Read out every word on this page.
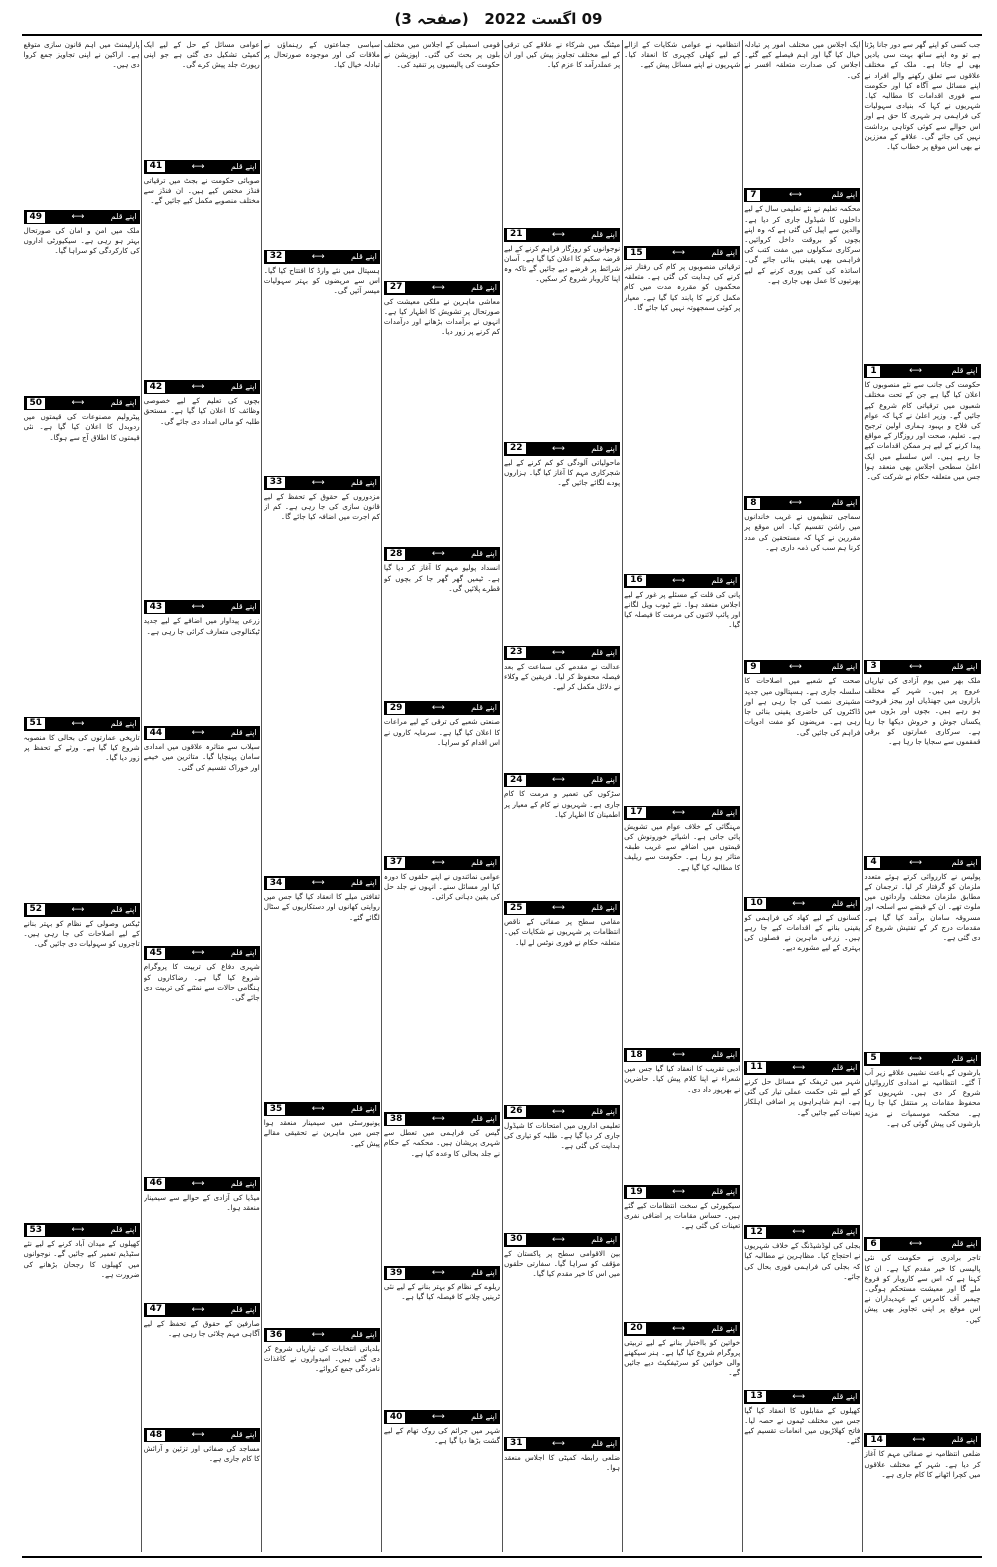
09 اگست 2022   (صفحہ 3)
جب کسی کو اپنے گھر سے دور جانا پڑتا ہے تو وہ اپنے ساتھ بہت سی یادیں بھی لے جاتا ہے۔ ملک کے مختلف علاقوں سے تعلق رکھنے والے افراد نے اپنے مسائل سے آگاہ کیا اور حکومت سے فوری اقدامات کا مطالبہ کیا۔ شہریوں نے کہا کہ بنیادی سہولیات کی فراہمی ہر شہری کا حق ہے اور اس حوالے سے کوئی کوتاہی برداشت نہیں کی جائے گی۔ علاقے کے معززین نے بھی اس موقع پر خطاب کیا۔
اپنے قلم
⟷
1
حکومت کی جانب سے نئے منصوبوں کا اعلان کیا گیا ہے جن کے تحت مختلف شعبوں میں ترقیاتی کام شروع کیے جائیں گے۔ وزیر اعلیٰ نے کہا کہ عوام کی فلاح و بہبود ہماری اولین ترجیح ہے۔ تعلیم، صحت اور روزگار کے مواقع پیدا کرنے کے لیے ہر ممکن اقدامات کیے جا رہے ہیں۔ اس سلسلے میں ایک اعلیٰ سطحی اجلاس بھی منعقد ہوا جس میں متعلقہ حکام نے شرکت کی۔
اپنے قلم
⟷
3
ملک بھر میں یوم آزادی کی تیاریاں عروج پر ہیں۔ شہر کے مختلف بازاروں میں جھنڈیاں اور بیجز فروخت ہو رہے ہیں۔ بچوں اور بڑوں میں یکساں جوش و خروش دیکھا جا رہا ہے۔ سرکاری عمارتوں کو برقی قمقموں سے سجایا جا رہا ہے۔
اپنے قلم
⟷
4
پولیس نے کارروائی کرتے ہوئے متعدد ملزمان کو گرفتار کر لیا۔ ترجمان کے مطابق ملزمان مختلف وارداتوں میں ملوث تھے۔ ان کے قبضے سے اسلحہ اور مسروقہ سامان برآمد کیا گیا ہے۔ مقدمات درج کر کے تفتیش شروع کر دی گئی ہے۔
اپنے قلم
⟷
5
بارشوں کے باعث نشیبی علاقے زیر آب آ گئے۔ انتظامیہ نے امدادی کارروائیاں شروع کر دی ہیں۔ شہریوں کو محفوظ مقامات پر منتقل کیا جا رہا ہے۔ محکمہ موسمیات نے مزید بارشوں کی پیش گوئی کی ہے۔
اپنے قلم
⟷
6
تاجر برادری نے حکومت کی نئی پالیسی کا خیر مقدم کیا ہے۔ ان کا کہنا ہے کہ اس سے کاروبار کو فروغ ملے گا اور معیشت مستحکم ہوگی۔ چیمبر آف کامرس کے عہدیداران نے اس موقع پر اپنی تجاویز بھی پیش کیں۔
اپنے قلم
⟷
14
ضلعی انتظامیہ نے صفائی مہم کا آغاز کر دیا ہے۔ شہر کے مختلف علاقوں میں کچرا اٹھانے کا کام جاری ہے۔
ایک اجلاس میں مختلف امور پر تبادلہ خیال کیا گیا اور اہم فیصلے کیے گئے۔ اجلاس کی صدارت متعلقہ افسر نے کی۔
اپنے قلم
⟷
7
محکمہ تعلیم نے نئے تعلیمی سال کے لیے داخلوں کا شیڈول جاری کر دیا ہے۔ والدین سے اپیل کی گئی ہے کہ وہ اپنے بچوں کو بروقت داخل کروائیں۔ سرکاری سکولوں میں مفت کتب کی فراہمی بھی یقینی بنائی جائے گی۔ اساتذہ کی کمی پوری کرنے کے لیے بھرتیوں کا عمل بھی جاری ہے۔
اپنے قلم
⟷
8
سماجی تنظیموں نے غریب خاندانوں میں راشن تقسیم کیا۔ اس موقع پر مقررین نے کہا کہ مستحقین کی مدد کرنا ہم سب کی ذمہ داری ہے۔
اپنے قلم
⟷
9
صحت کے شعبے میں اصلاحات کا سلسلہ جاری ہے۔ ہسپتالوں میں جدید مشینری نصب کی جا رہی ہے اور ڈاکٹروں کی حاضری یقینی بنائی جا رہی ہے۔ مریضوں کو مفت ادویات فراہم کی جائیں گی۔
اپنے قلم
⟷
10
کسانوں کے لیے کھاد کی فراہمی کو یقینی بنانے کے اقدامات کیے جا رہے ہیں۔ زرعی ماہرین نے فصلوں کی بہتری کے لیے مشورے دیے۔
اپنے قلم
⟷
11
شہر میں ٹریفک کے مسائل حل کرنے کے لیے نئی حکمت عملی تیار کی گئی ہے۔ اہم شاہراہوں پر اضافی اہلکار تعینات کیے جائیں گے۔
اپنے قلم
⟷
12
بجلی کی لوڈشیڈنگ کے خلاف شہریوں نے احتجاج کیا۔ مظاہرین نے مطالبہ کیا کہ بجلی کی فراہمی فوری بحال کی جائے۔
اپنے قلم
⟷
13
کھیلوں کے مقابلوں کا انعقاد کیا گیا جس میں مختلف ٹیموں نے حصہ لیا۔ فاتح کھلاڑیوں میں انعامات تقسیم کیے گئے۔
انتظامیہ نے عوامی شکایات کے ازالے کے لیے کھلی کچہری کا انعقاد کیا۔ شہریوں نے اپنے مسائل پیش کیے۔
اپنے قلم
⟷
15
ترقیاتی منصوبوں پر کام کی رفتار تیز کرنے کی ہدایت کی گئی ہے۔ متعلقہ محکموں کو مقررہ مدت میں کام مکمل کرنے کا پابند کیا گیا ہے۔ معیار پر کوئی سمجھوتہ نہیں کیا جائے گا۔
اپنے قلم
⟷
16
پانی کی قلت کے مسئلے پر غور کے لیے اجلاس منعقد ہوا۔ نئے ٹیوب ویل لگانے اور پائپ لائنوں کی مرمت کا فیصلہ کیا گیا۔
اپنے قلم
⟷
17
مہنگائی کے خلاف عوام میں تشویش پائی جاتی ہے۔ اشیائے خورونوش کی قیمتوں میں اضافے سے غریب طبقہ متاثر ہو رہا ہے۔ حکومت سے ریلیف کا مطالبہ کیا گیا ہے۔
اپنے قلم
⟷
18
ادبی تقریب کا انعقاد کیا گیا جس میں شعراء نے اپنا کلام پیش کیا۔ حاضرین نے بھرپور داد دی۔
اپنے قلم
⟷
19
سیکیورٹی کے سخت انتظامات کیے گئے ہیں۔ حساس مقامات پر اضافی نفری تعینات کی گئی ہے۔
اپنے قلم
⟷
20
خواتین کو بااختیار بنانے کے لیے تربیتی پروگرام شروع کیا گیا ہے۔ ہنر سیکھنے والی خواتین کو سرٹیفکیٹ دیے جائیں گے۔
میٹنگ میں شرکاء نے علاقے کی ترقی کے لیے مختلف تجاویز پیش کیں اور ان پر عملدرآمد کا عزم کیا۔
اپنے قلم
⟷
21
نوجوانوں کو روزگار فراہم کرنے کے لیے قرضہ سکیم کا اعلان کیا گیا ہے۔ آسان شرائط پر قرضے دیے جائیں گے تاکہ وہ اپنا کاروبار شروع کر سکیں۔
اپنے قلم
⟷
22
ماحولیاتی آلودگی کو کم کرنے کے لیے شجرکاری مہم کا آغاز کیا گیا۔ ہزاروں پودے لگائے جائیں گے۔
اپنے قلم
⟷
23
عدالت نے مقدمے کی سماعت کے بعد فیصلہ محفوظ کر لیا۔ فریقین کے وکلاء نے دلائل مکمل کر لیے۔
اپنے قلم
⟷
24
سڑکوں کی تعمیر و مرمت کا کام جاری ہے۔ شہریوں نے کام کے معیار پر اطمینان کا اظہار کیا۔
اپنے قلم
⟷
25
مقامی سطح پر صفائی کے ناقص انتظامات پر شہریوں نے شکایات کیں۔ متعلقہ حکام نے فوری نوٹس لے لیا۔
اپنے قلم
⟷
26
تعلیمی اداروں میں امتحانات کا شیڈول جاری کر دیا گیا ہے۔ طلبہ کو تیاری کی ہدایت کی گئی ہے۔
اپنے قلم
⟷
30
بین الاقوامی سطح پر پاکستان کے مؤقف کو سراہا گیا۔ سفارتی حلقوں میں اس کا خیر مقدم کیا گیا۔
اپنے قلم
⟷
31
ضلعی رابطہ کمیٹی کا اجلاس منعقد ہوا۔
قومی اسمبلی کے اجلاس میں مختلف بلوں پر بحث کی گئی۔ اپوزیشن نے حکومت کی پالیسیوں پر تنقید کی۔
اپنے قلم
⟷
27
معاشی ماہرین نے ملکی معیشت کی صورتحال پر تشویش کا اظہار کیا ہے۔ انہوں نے برآمدات بڑھانے اور درآمدات کم کرنے پر زور دیا۔
اپنے قلم
⟷
28
انسداد پولیو مہم کا آغاز کر دیا گیا ہے۔ ٹیمیں گھر گھر جا کر بچوں کو قطرے پلائیں گی۔
اپنے قلم
⟷
29
صنعتی شعبے کی ترقی کے لیے مراعات کا اعلان کیا گیا ہے۔ سرمایہ کاروں نے اس اقدام کو سراہا۔
اپنے قلم
⟷
37
عوامی نمائندوں نے اپنے حلقوں کا دورہ کیا اور مسائل سنے۔ انہوں نے جلد حل کی یقین دہانی کرائی۔
اپنے قلم
⟷
38
گیس کی فراہمی میں تعطل سے شہری پریشان ہیں۔ محکمہ کے حکام نے جلد بحالی کا وعدہ کیا ہے۔
اپنے قلم
⟷
39
ریلوے کے نظام کو بہتر بنانے کے لیے نئی ٹرینیں چلانے کا فیصلہ کیا گیا ہے۔
اپنے قلم
⟷
40
شہر میں جرائم کی روک تھام کے لیے گشت بڑھا دیا گیا ہے۔
سیاسی جماعتوں کے رہنماؤں نے ملاقات کی اور موجودہ صورتحال پر تبادلہ خیال کیا۔
اپنے قلم
⟷
32
ہسپتال میں نئے وارڈ کا افتتاح کیا گیا۔ اس سے مریضوں کو بہتر سہولیات میسر آئیں گی۔
اپنے قلم
⟷
33
مزدوروں کے حقوق کے تحفظ کے لیے قانون سازی کی جا رہی ہے۔ کم از کم اجرت میں اضافہ کیا جائے گا۔
اپنے قلم
⟷
34
ثقافتی میلے کا انعقاد کیا گیا جس میں روایتی کھانوں اور دستکاریوں کے سٹال لگائے گئے۔
اپنے قلم
⟷
35
یونیورسٹی میں سیمینار منعقد ہوا جس میں ماہرین نے تحقیقی مقالے پیش کیے۔
اپنے قلم
⟷
36
بلدیاتی انتخابات کی تیاریاں شروع کر دی گئی ہیں۔ امیدواروں نے کاغذات نامزدگی جمع کروائے۔
عوامی مسائل کے حل کے لیے ایک کمیٹی تشکیل دی گئی ہے جو اپنی رپورٹ جلد پیش کرے گی۔
اپنے قلم
⟷
41
صوبائی حکومت نے بجٹ میں ترقیاتی فنڈز مختص کیے ہیں۔ ان فنڈز سے مختلف منصوبے مکمل کیے جائیں گے۔
اپنے قلم
⟷
42
بچوں کی تعلیم کے لیے خصوصی وظائف کا اعلان کیا گیا ہے۔ مستحق طلبہ کو مالی امداد دی جائے گی۔
اپنے قلم
⟷
43
زرعی پیداوار میں اضافے کے لیے جدید ٹیکنالوجی متعارف کرائی جا رہی ہے۔
اپنے قلم
⟷
44
سیلاب سے متاثرہ علاقوں میں امدادی سامان پہنچایا گیا۔ متاثرین میں خیمے اور خوراک تقسیم کی گئی۔
اپنے قلم
⟷
45
شہری دفاع کی تربیت کا پروگرام شروع کیا گیا ہے۔ رضاکاروں کو ہنگامی حالات سے نمٹنے کی تربیت دی جائے گی۔
اپنے قلم
⟷
46
میڈیا کی آزادی کے حوالے سے سیمینار منعقد ہوا۔
اپنے قلم
⟷
47
صارفین کے حقوق کے تحفظ کے لیے آگاہی مہم چلائی جا رہی ہے۔
اپنے قلم
⟷
48
مساجد کی صفائی اور تزئین و آرائش کا کام جاری ہے۔
پارلیمنٹ میں اہم قانون سازی متوقع ہے۔ اراکین نے اپنی تجاویز جمع کروا دی ہیں۔
اپنے قلم
⟷
49
ملک میں امن و امان کی صورتحال بہتر ہو رہی ہے۔ سیکیورٹی اداروں کی کارکردگی کو سراہا گیا۔
اپنے قلم
⟷
50
پیٹرولیم مصنوعات کی قیمتوں میں ردوبدل کا اعلان کیا گیا ہے۔ نئی قیمتوں کا اطلاق آج سے ہوگا۔
اپنے قلم
⟷
51
تاریخی عمارتوں کی بحالی کا منصوبہ شروع کیا گیا ہے۔ ورثے کے تحفظ پر زور دیا گیا۔
اپنے قلم
⟷
52
ٹیکس وصولی کے نظام کو بہتر بنانے کے لیے اصلاحات کی جا رہی ہیں۔ تاجروں کو سہولیات دی جائیں گی۔
اپنے قلم
⟷
53
کھیلوں کے میدان آباد کرنے کے لیے نئے سٹیڈیم تعمیر کیے جائیں گے۔ نوجوانوں میں کھیلوں کا رجحان بڑھانے کی ضرورت ہے۔
